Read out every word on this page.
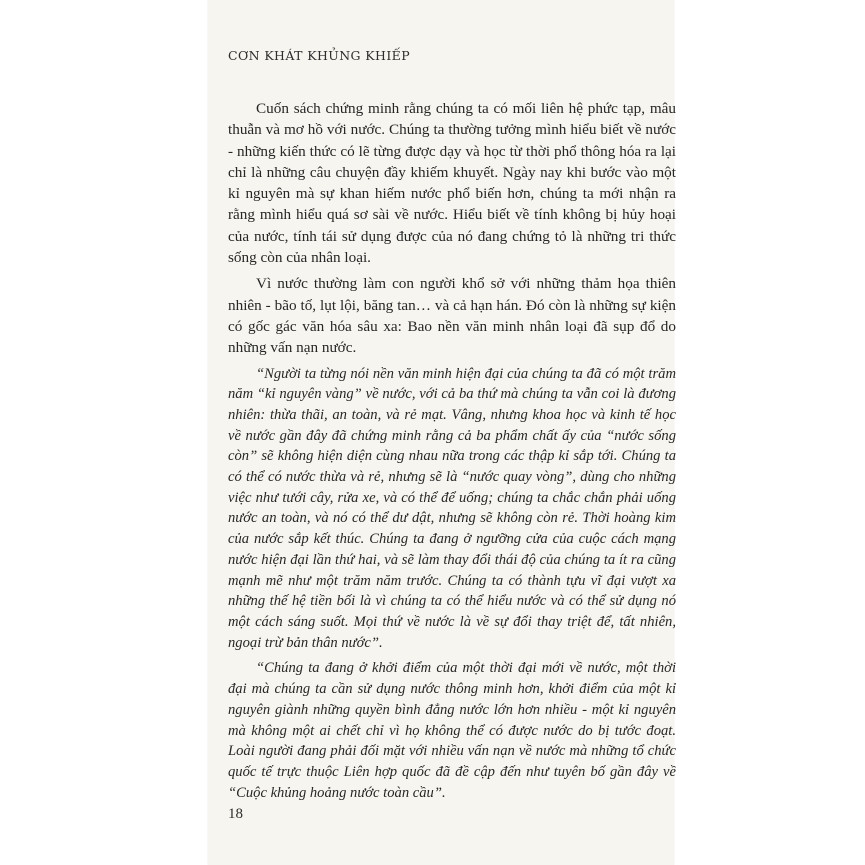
CƠN KHÁT KHỦNG KHIẾP

Cuốn sách chứng minh rằng chúng ta có mối liên hệ phức tạp, mâu thuẫn và mơ hồ với nước. Chúng ta thường tưởng mình hiểu biết về nước - những kiến thức có lẽ từng được dạy và học từ thời phổ thông hóa ra lại chỉ là những câu chuyện đầy khiếm khuyết. Ngày nay khi bước vào một kỉ nguyên mà sự khan hiếm nước phổ biến hơn, chúng ta mới nhận ra rằng mình hiểu quá sơ sài về nước. Hiểu biết về tính không bị hủy hoại của nước, tính tái sử dụng được của nó đang chứng tỏ là những tri thức sống còn của nhân loại.

Vì nước thường làm con người khổ sở với những thảm họa thiên nhiên - bão tố, lụt lội, băng tan… và cả hạn hán. Đó còn là những sự kiện có gốc gác văn hóa sâu xa: Bao nền văn minh nhân loại đã sụp đổ do những vấn nạn nước.

“Người ta từng nói nền văn minh hiện đại của chúng ta đã có một trăm năm “kỉ nguyên vàng” về nước, với cả ba thứ mà chúng ta vẫn coi là đương nhiên: thừa thãi, an toàn, và rẻ mạt. Vâng, nhưng khoa học và kinh tế học về nước gần đây đã chứng minh rằng cả ba phẩm chất ấy của “nước sống còn” sẽ không hiện diện cùng nhau nữa trong các thập kỉ sắp tới. Chúng ta có thể có nước thừa và rẻ, nhưng sẽ là “nước quay vòng”, dùng cho những việc như tưới cây, rửa xe, và có thể để uống; chúng ta chắc chắn phải uống nước an toàn, và nó có thể dư dật, nhưng sẽ không còn rẻ. Thời hoàng kim của nước sắp kết thúc. Chúng ta đang ở ngưỡng cửa của cuộc cách mạng nước hiện đại lần thứ hai, và sẽ làm thay đổi thái độ của chúng ta ít ra cũng mạnh mẽ như một trăm năm trước. Chúng ta có thành tựu vĩ đại vượt xa những thế hệ tiền bối là vì chúng ta có thể hiểu nước và có thể sử dụng nó một cách sáng suốt. Mọi thứ về nước là về sự đổi thay triệt để, tất nhiên, ngoại trừ bản thân nước”.

“Chúng ta đang ở khởi điểm của một thời đại mới về nước, một thời đại mà chúng ta cần sử dụng nước thông minh hơn, khởi điểm của một kỉ nguyên giành những quyền bình đẳng nước lớn hơn nhiều - một kỉ nguyên mà không một ai chết chỉ vì họ không thể có được nước do bị tước đoạt. Loài người đang phải đối mặt với nhiều vấn nạn về nước mà những tổ chức quốc tế trực thuộc Liên hợp quốc đã đề cập đến như tuyên bố gần đây về “Cuộc khủng hoảng nước toàn cầu”.

18
